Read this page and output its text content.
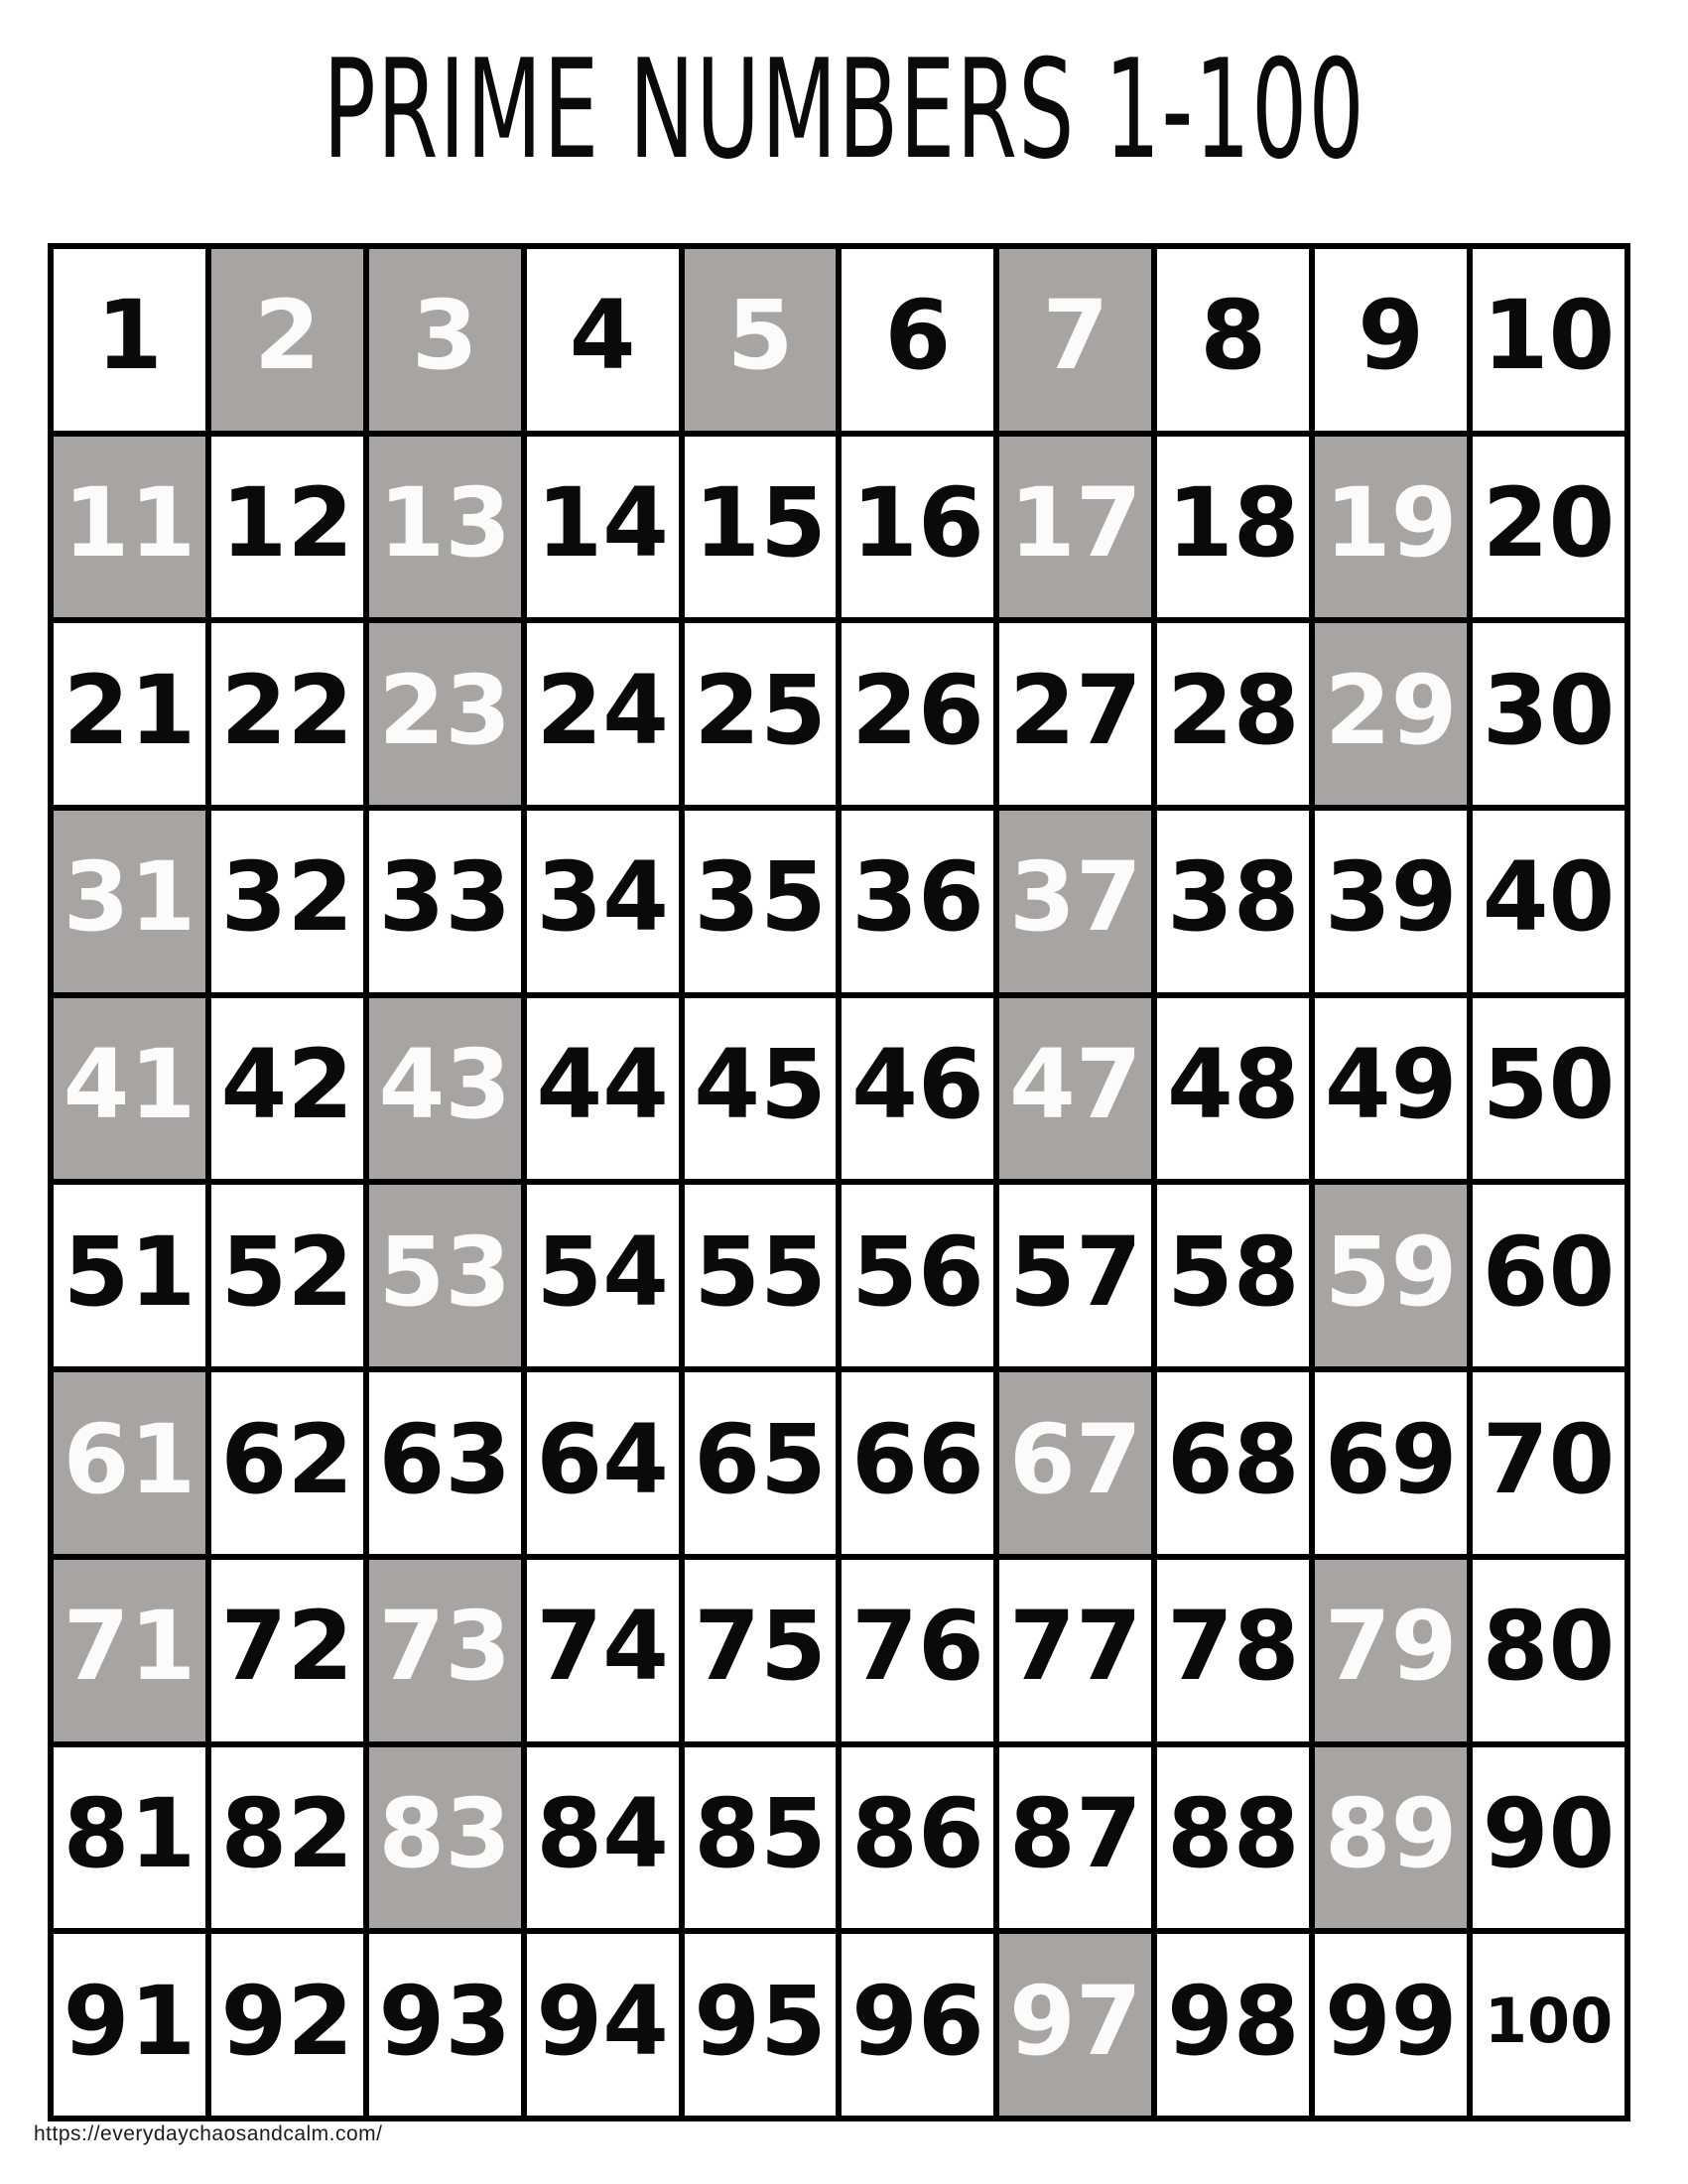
PRIME NUMBERS 1-100
1 2 3 4 5 6 7 8 9 10
11 12 13 14 15 16 17 18 19 20
21 22 23 24 25 26 27 28 29 30
31 32 33 34 35 36 37 38 39 40
41 42 43 44 45 46 47 48 49 50
51 52 53 54 55 56 57 58 59 60
61 62 63 64 65 66 67 68 69 70
71 72 73 74 75 76 77 78 79 80
81 82 83 84 85 86 87 88 89 90
91 92 93 94 95 96 97 98 99 100
https://everydaychaosandcalm.com/
